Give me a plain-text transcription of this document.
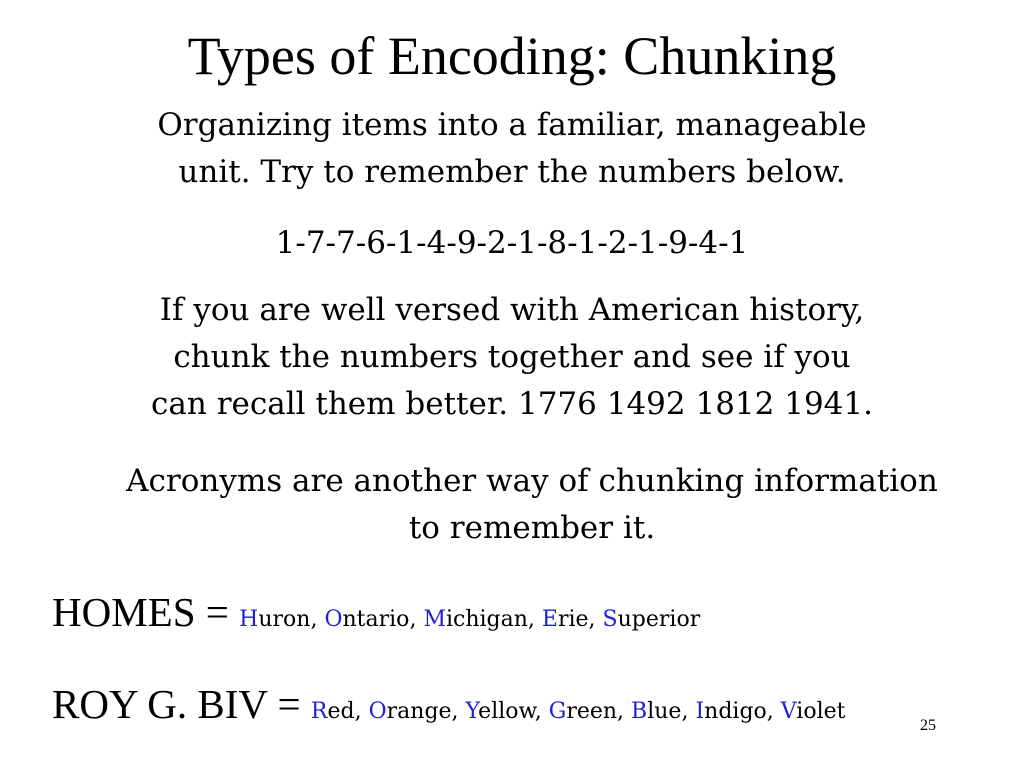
Types of Encoding: Chunking
Organizing items into a familiar, manageable
unit. Try to remember the numbers below.
1-7-7-6-1-4-9-2-1-8-1-2-1-9-4-1
If you are well versed with American history,
chunk the numbers together and see if you
can recall them better. 1776 1492 1812 1941.
Acronyms are another way of chunking information
to remember it.
HOMES = Huron, Ontario, Michigan, Erie, Superior
ROY G. BIV = Red, Orange, Yellow, Green, Blue, Indigo, Violet
25
